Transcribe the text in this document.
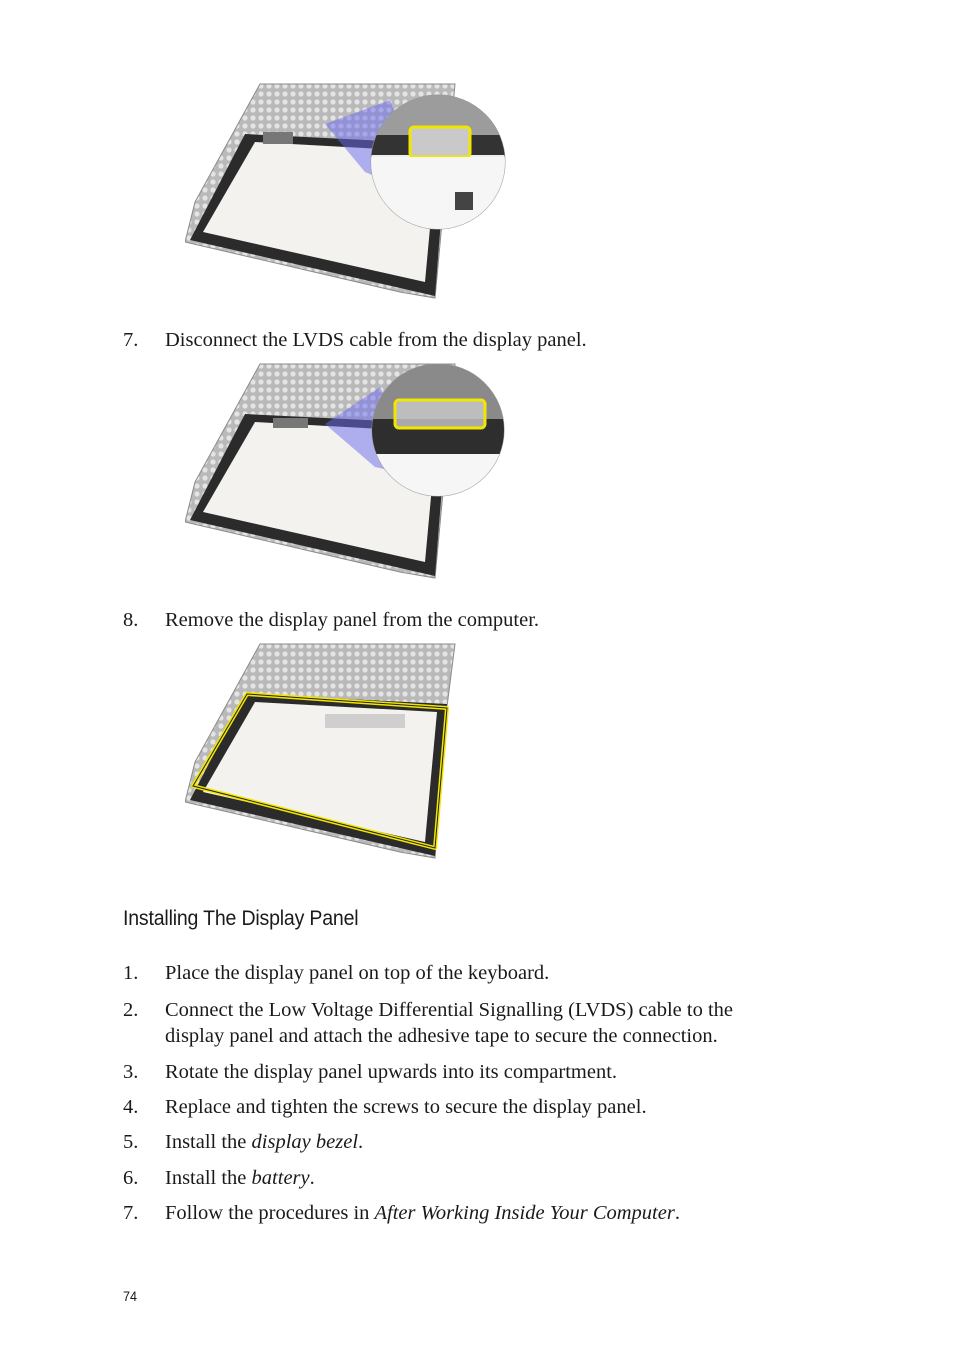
7.	Disconnect the LVDS cable from the display panel.
8.	Remove the display panel from the computer.
Installing The Display Panel
1.	Place the display panel on top of the keyboard.
2.	Connect the Low Voltage Differential Signalling (LVDS) cable to the
display panel and attach the adhesive tape to secure the connection.
3.	Rotate the display panel upwards into its compartment.
4.	Replace and tighten the screws to secure the display panel.
5.	Install the display bezel.
6.	Install the battery.
7.	Follow the procedures in After Working Inside Your Computer.
74
